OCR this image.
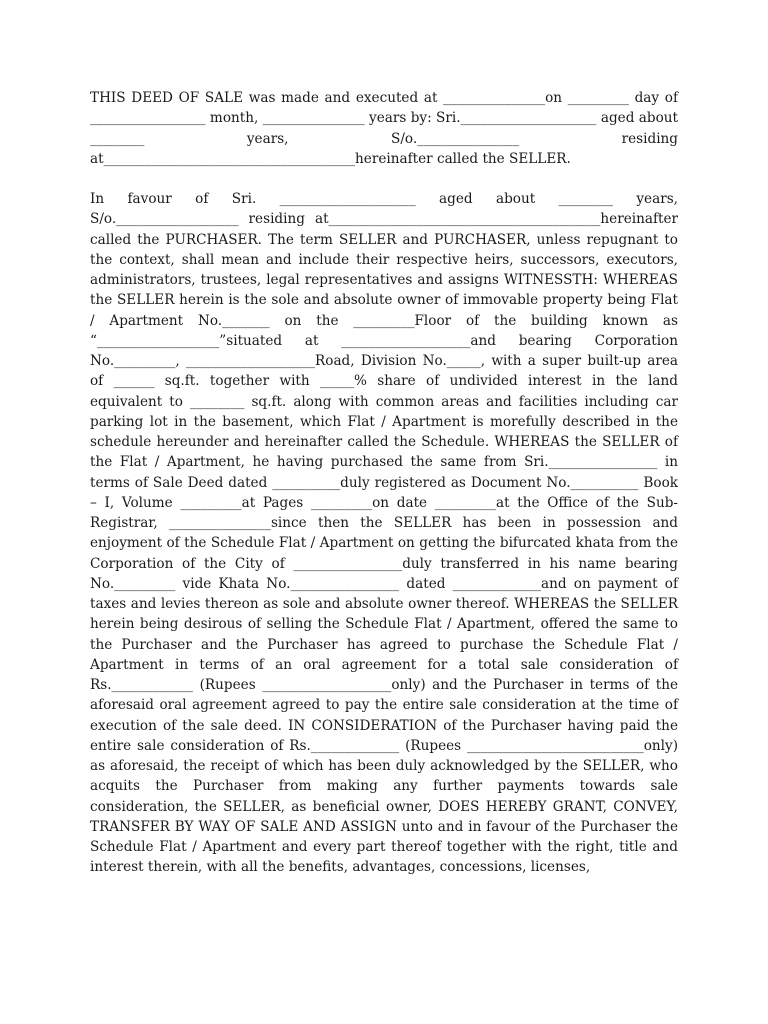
THIS DEED OF SALE was made and executed at _______________on _________ day of _________________ month, _______________ years by: Sri.____________________ aged about ________ years, S/o._______________ residing at_____________________________________hereinafter called the SELLER.

In favour of Sri. ____________________ aged about ________ years, S/o.__________________ residing at________________________________________hereinafter called the PURCHASER. The term SELLER and PURCHASER, unless repugnant to the context, shall mean and include their respective heirs, successors, executors, administrators, trustees, legal representatives and assigns WITNESSTH: WHEREAS the SELLER herein is the sole and absolute owner of immovable property being Flat / Apartment No._______ on the _________Floor of the building known as “__________________”situated at ___________________and bearing Corporation No._________, ___________________Road, Division No._____, with a super built-up area of ______ sq.ft. together with _____% share of undivided interest in the land equivalent to ________ sq.ft. along with common areas and facilities including car parking lot in the basement, which Flat / Apartment is morefully described in the schedule hereunder and hereinafter called the Schedule. WHEREAS the SELLER of the Flat / Apartment, he having purchased the same from Sri.________________ in terms of Sale Deed dated __________duly registered as Document No.__________ Book – I, Volume _________at Pages _________on date _________at the Office of the Sub-Registrar, _______________since then the SELLER has been in possession and enjoyment of the Schedule Flat / Apartment on getting the bifurcated khata from the Corporation of the City of ________________duly transferred in his name bearing No._________ vide Khata No.________________ dated _____________and on payment of taxes and levies thereon as sole and absolute owner thereof. WHEREAS the SELLER herein being desirous of selling the Schedule Flat / Apartment, offered the same to the Purchaser and the Purchaser has agreed to purchase the Schedule Flat / Apartment in terms of an oral agreement for a total sale consideration of Rs.____________ (Rupees ___________________only) and the Purchaser in terms of the aforesaid oral agreement agreed to pay the entire sale consideration at the time of execution of the sale deed. IN CONSIDERATION of the Purchaser having paid the entire sale consideration of Rs._____________ (Rupees __________________________only) as aforesaid, the receipt of which has been duly acknowledged by the SELLER, who acquits the Purchaser from making any further payments towards sale consideration, the SELLER, as beneficial owner, DOES HEREBY GRANT, CONVEY, TRANSFER BY WAY OF SALE AND ASSIGN unto and in favour of the Purchaser the Schedule Flat / Apartment and every part thereof together with the right, title and interest therein, with all the benefits, advantages, concessions, licenses,
